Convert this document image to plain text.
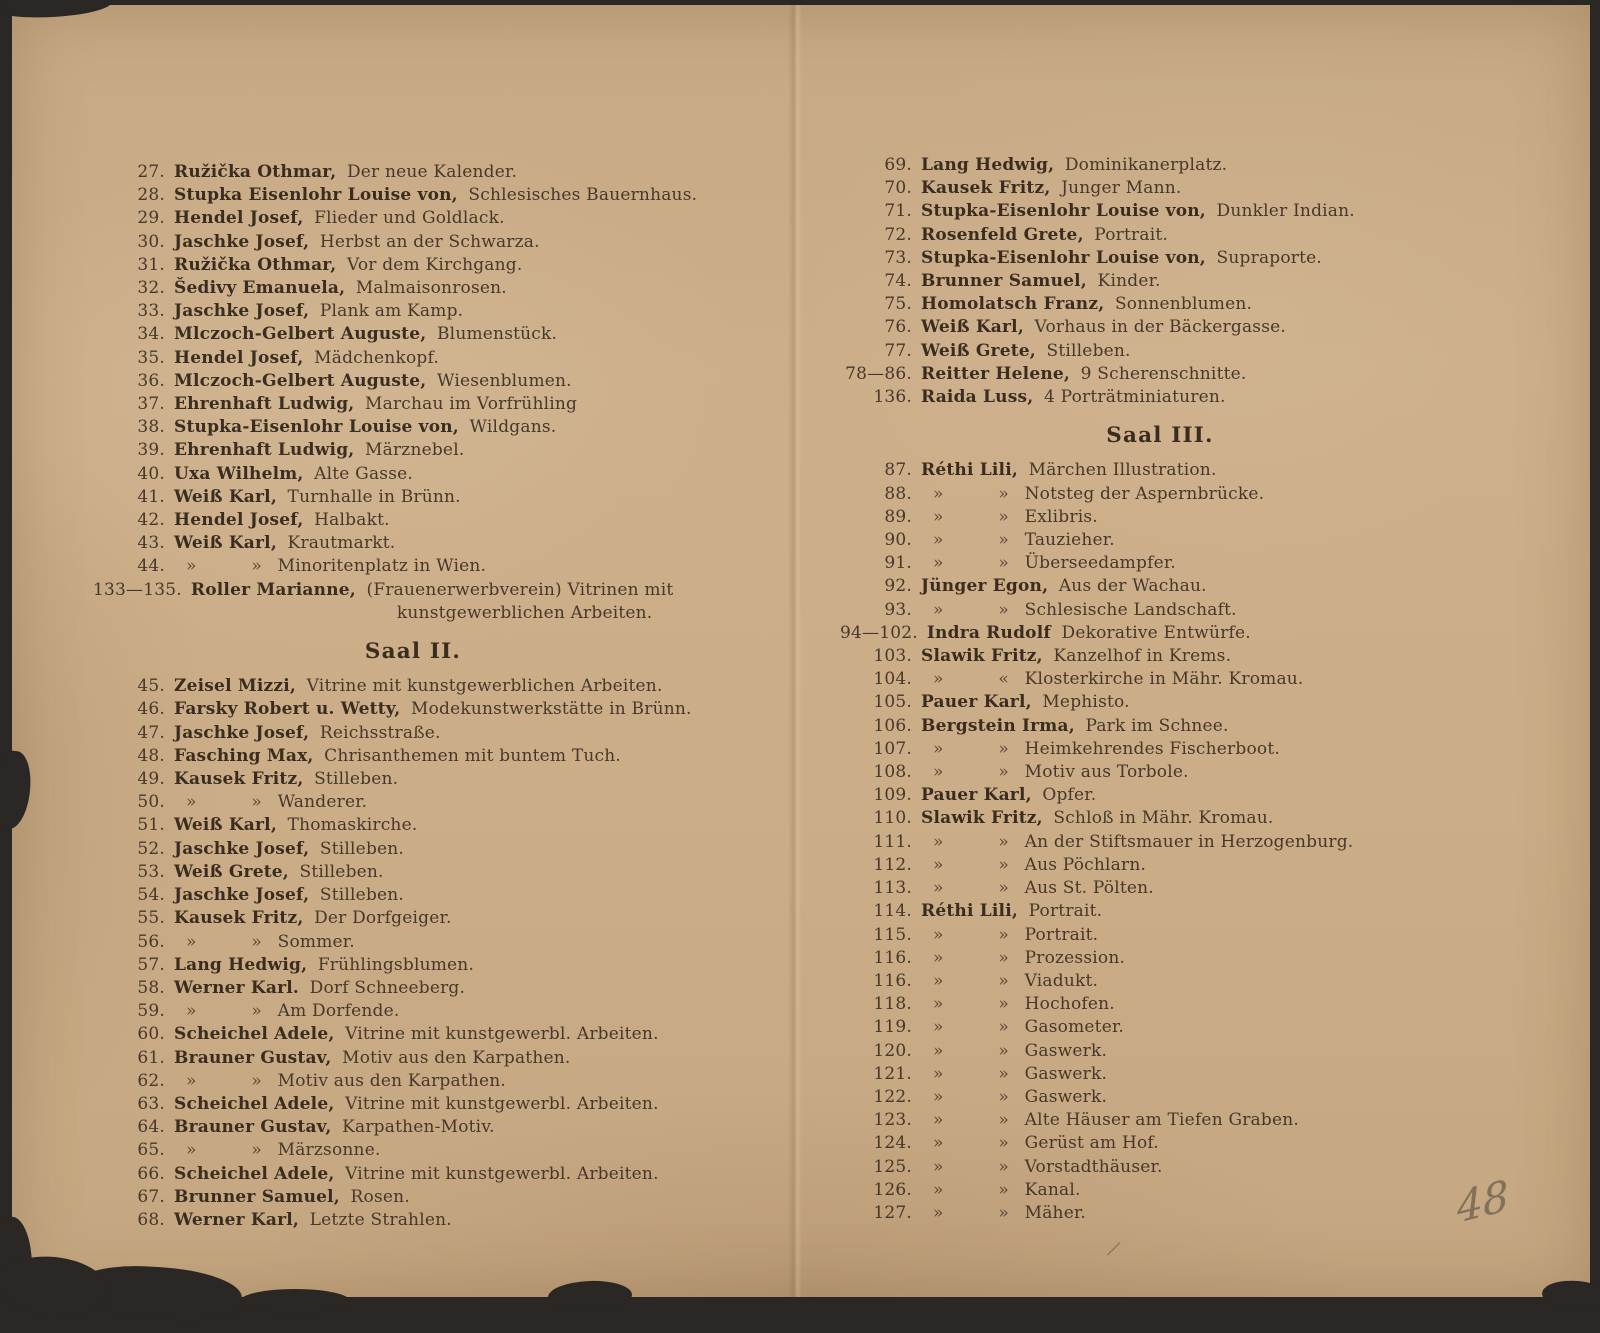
27. Ružička Othmar, Der neue Kalender.
28. Stupka Eisenlohr Louise von, Schlesisches Bauernhaus.
29. Hendel Josef, Flieder und Goldlack.
30. Jaschke Josef, Herbst an der Schwarza.
31. Ružička Othmar, Vor dem Kirchgang.
32. Šedivy Emanuela, Malmaisonrosen.
33. Jaschke Josef, Plank am Kamp.
34. Mlczoch-Gelbert Auguste, Blumenstück.
35. Hendel Josef, Mädchenkopf.
36. Mlczoch-Gelbert Auguste, Wiesenblumen.
37. Ehrenhaft Ludwig, Marchau im Vorfrühling
38. Stupka-Eisenlohr Louise von, Wildgans.
39. Ehrenhaft Ludwig, Märznebel.
40. Uxa Wilhelm, Alte Gasse.
41. Weiß Karl, Turnhalle in Brünn.
42. Hendel Josef, Halbakt.
43. Weiß Karl, Krautmarkt.
44. »	» Minoritenplatz in Wien.
133—135. Roller Marianne, (Frauenerwerbverein) Vitrinen mit
kunstgewerblichen Arbeiten.
Saal II.
45. Zeisel Mizzi, Vitrine mit kunstgewerblichen Arbeiten.
46. Farsky Robert u. Wetty, Modekunstwerkstätte in Brünn.
47. Jaschke Josef, Reichsstraße.
48. Fasching Max, Chrisanthemen mit buntem Tuch.
49. Kausek Fritz, Stilleben.
50. »	» Wanderer.
51. Weiß Karl, Thomaskirche.
52. Jaschke Josef, Stilleben.
53. Weiß Grete, Stilleben.
54. Jaschke Josef, Stilleben.
55. Kausek Fritz, Der Dorfgeiger.
56. »	» Sommer.
57. Lang Hedwig, Frühlingsblumen.
58. Werner Karl. Dorf Schneeberg.
59. »	» Am Dorfende.
60. Scheichel Adele, Vitrine mit kunstgewerbl. Arbeiten.
61. Brauner Gustav, Motiv aus den Karpathen.
62. »	» Motiv aus den Karpathen.
63. Scheichel Adele, Vitrine mit kunstgewerbl. Arbeiten.
64. Brauner Gustav, Karpathen-Motiv.
65. »	» Märzsonne.
66. Scheichel Adele, Vitrine mit kunstgewerbl. Arbeiten.
67. Brunner Samuel, Rosen.
68. Werner Karl, Letzte Strahlen.
69. Lang Hedwig, Dominikanerplatz.
70. Kausek Fritz, Junger Mann.
71. Stupka-Eisenlohr Louise von, Dunkler Indian.
72. Rosenfeld Grete, Portrait.
73. Stupka-Eisenlohr Louise von, Supraporte.
74. Brunner Samuel, Kinder.
75. Homolatsch Franz, Sonnenblumen.
76. Weiß Karl, Vorhaus in der Bäckergasse.
77. Weiß Grete, Stilleben.
78—86. Reitter Helene, 9 Scherenschnitte.
136. Raida Luss, 4 Porträtminiaturen.
Saal III.
87. Réthi Lili, Märchen Illustration.
88. »	» Notsteg der Aspernbrücke.
89. »	» Exlibris.
90. »	» Tauzieher.
91. »	» Überseedampfer.
92. Jünger Egon, Aus der Wachau.
93. »	» Schlesische Landschaft.
94—102. Indra Rudolf Dekorative Entwürfe.
103. Slawik Fritz, Kanzelhof in Krems.
104. »	« Klosterkirche in Mähr. Kromau.
105. Pauer Karl, Mephisto.
106. Bergstein Irma, Park im Schnee.
107. »	» Heimkehrendes Fischerboot.
108. »	» Motiv aus Torbole.
109. Pauer Karl, Opfer.
110. Slawik Fritz, Schloß in Mähr. Kromau.
111. »	» An der Stiftsmauer in Herzogenburg.
112. »	» Aus Pöchlarn.
113. »	» Aus St. Pölten.
114. Réthi Lili, Portrait.
115. »	» Portrait.
116. »	» Prozession.
116. »	» Viadukt.
118. »	» Hochofen.
119. »	» Gasometer.
120. »	» Gaswerk.
121. »	» Gaswerk.
122. »	» Gaswerk.
123. »	» Alte Häuser am Tiefen Graben.
124. »	» Gerüst am Hof.
125. »	» Vorstadthäuser.
126. »	» Kanal.
127. »	» Mäher.	48
⁄
